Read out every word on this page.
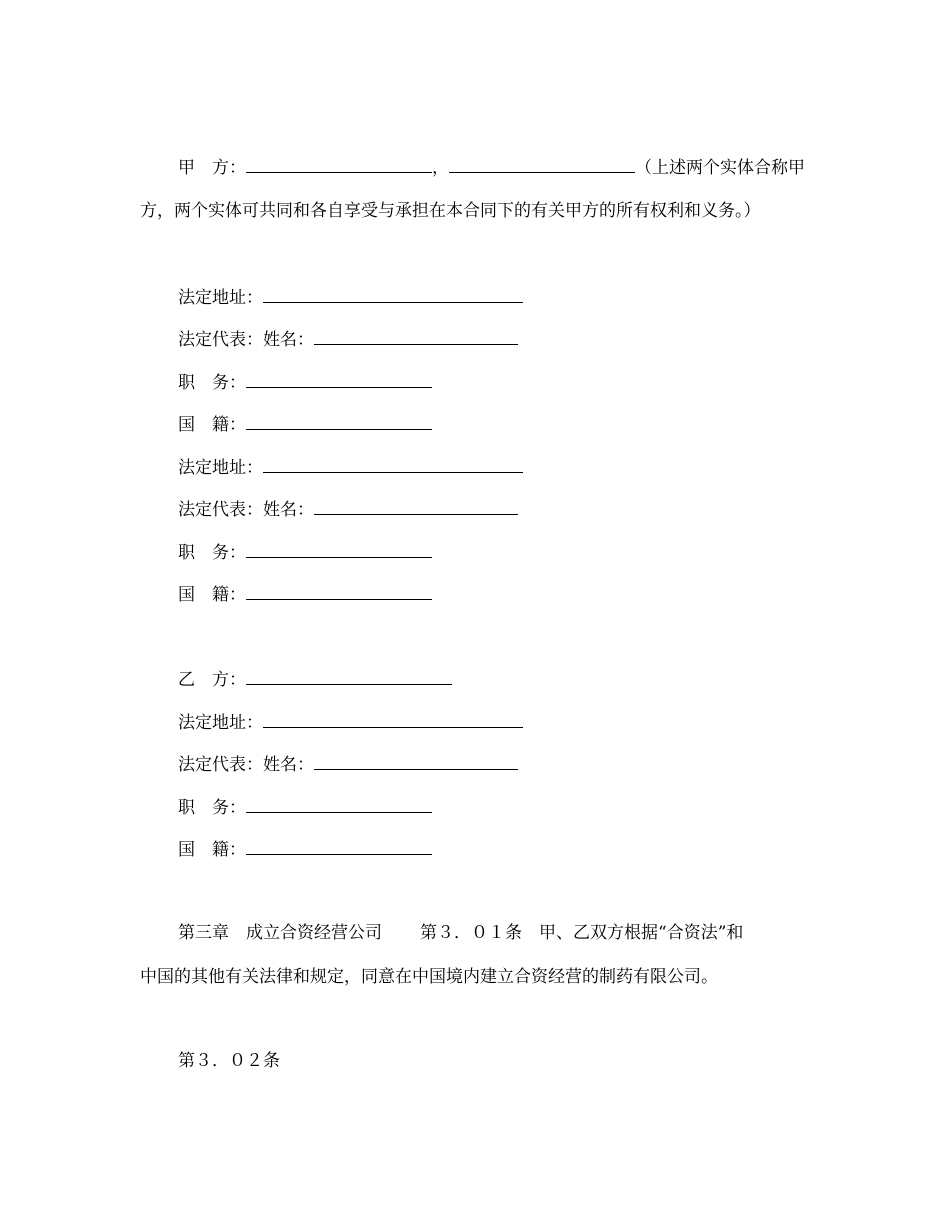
甲　方：	，	（上述两个实体合称甲
方，两个实体可共同和各自享受与承担在本合同下的有关甲方的所有权利和义务。）
法定地址：
法定代表：姓名：
职　务：
国　籍：
法定地址：
法定代表：姓名：
职　务：
国　籍：
乙　方：
法定地址：
法定代表：姓名：
职　务：
国　籍：
第三章　成立合资经营公司 第３．０１条 甲、乙双方根据“合资法”和
中国的其他有关法律和规定，同意在中国境内建立合资经营的制药有限公司。
第３．０２条
